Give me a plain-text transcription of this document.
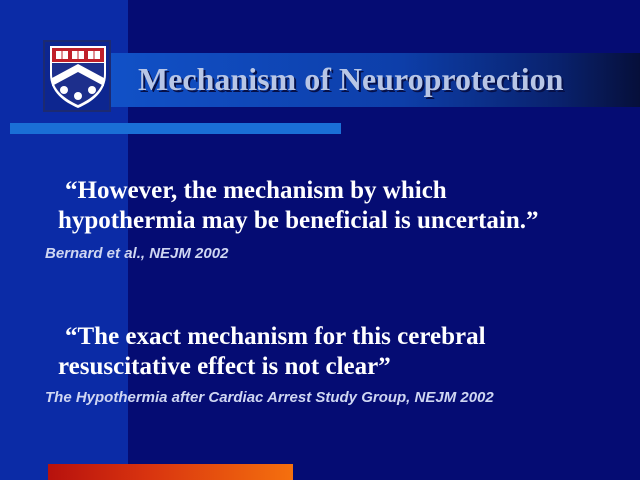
Mechanism of Neuroprotection
“However, the mechanism by which
hypothermia may be beneficial is uncertain.”
Bernard et al., NEJM 2002
“The exact mechanism for this cerebral
resuscitative effect is not clear”
The Hypothermia after Cardiac Arrest Study Group, NEJM 2002
